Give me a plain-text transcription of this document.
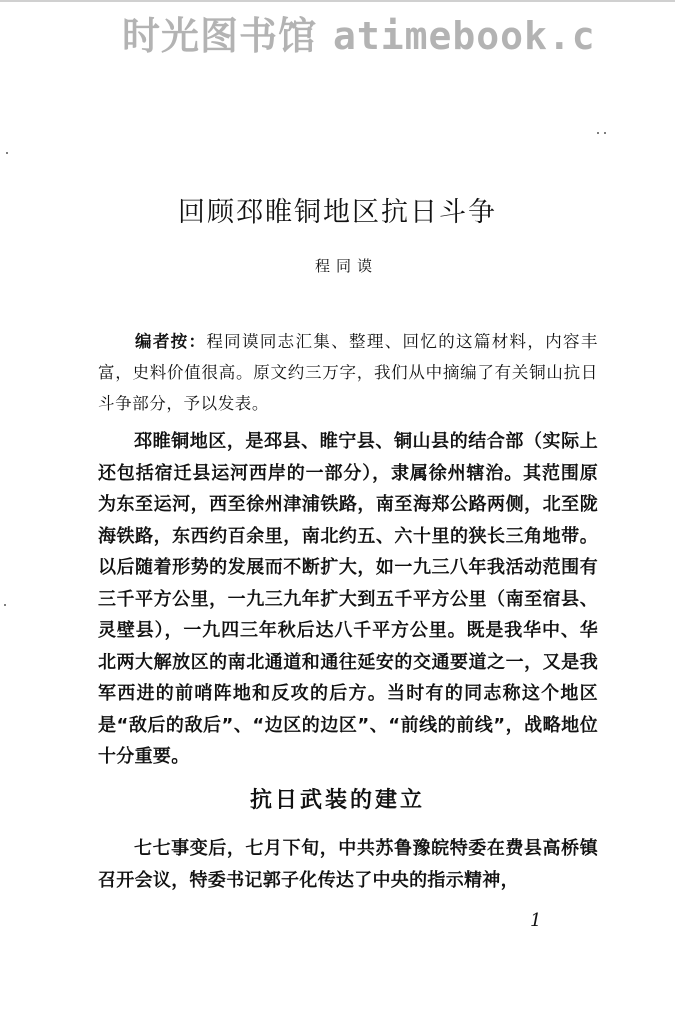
时光图书馆 atimebook.c
回顾邳睢铜地区抗日斗争
程同谟
编者按：程同谟同志汇集、整理、回忆的这篇材料，内容丰富，史料价值很高。原文约三万字，我们从中摘编了有关铜山抗日斗争部分，予以发表。
邳睢铜地区，是邳县、睢宁县、铜山县的结合部（实际上还包括宿迁县运河西岸的一部分），隶属徐州辖治。其范围原为东至运河，西至徐州津浦铁路，南至海郑公路两侧，北至陇海铁路，东西约百余里，南北约五、六十里的狭长三角地带。以后随着形势的发展而不断扩大，如一九三八年我活动范围有三千平方公里，一九三九年扩大到五千平方公里（南至宿县、灵壁县），一九四三年秋后达八千平方公里。既是我华中、华北两大解放区的南北通道和通往延安的交通要道之一，又是我军西进的前哨阵地和反攻的后方。当时有的同志称这个地区是“敌后的敌后”、“边区的边区”、“前线的前线”，战略地位十分重要。
抗日武装的建立
七七事变后，七月下旬，中共苏鲁豫皖特委在费县高桥镇召开会议，特委书记郭子化传达了中央的指示精神，
1
